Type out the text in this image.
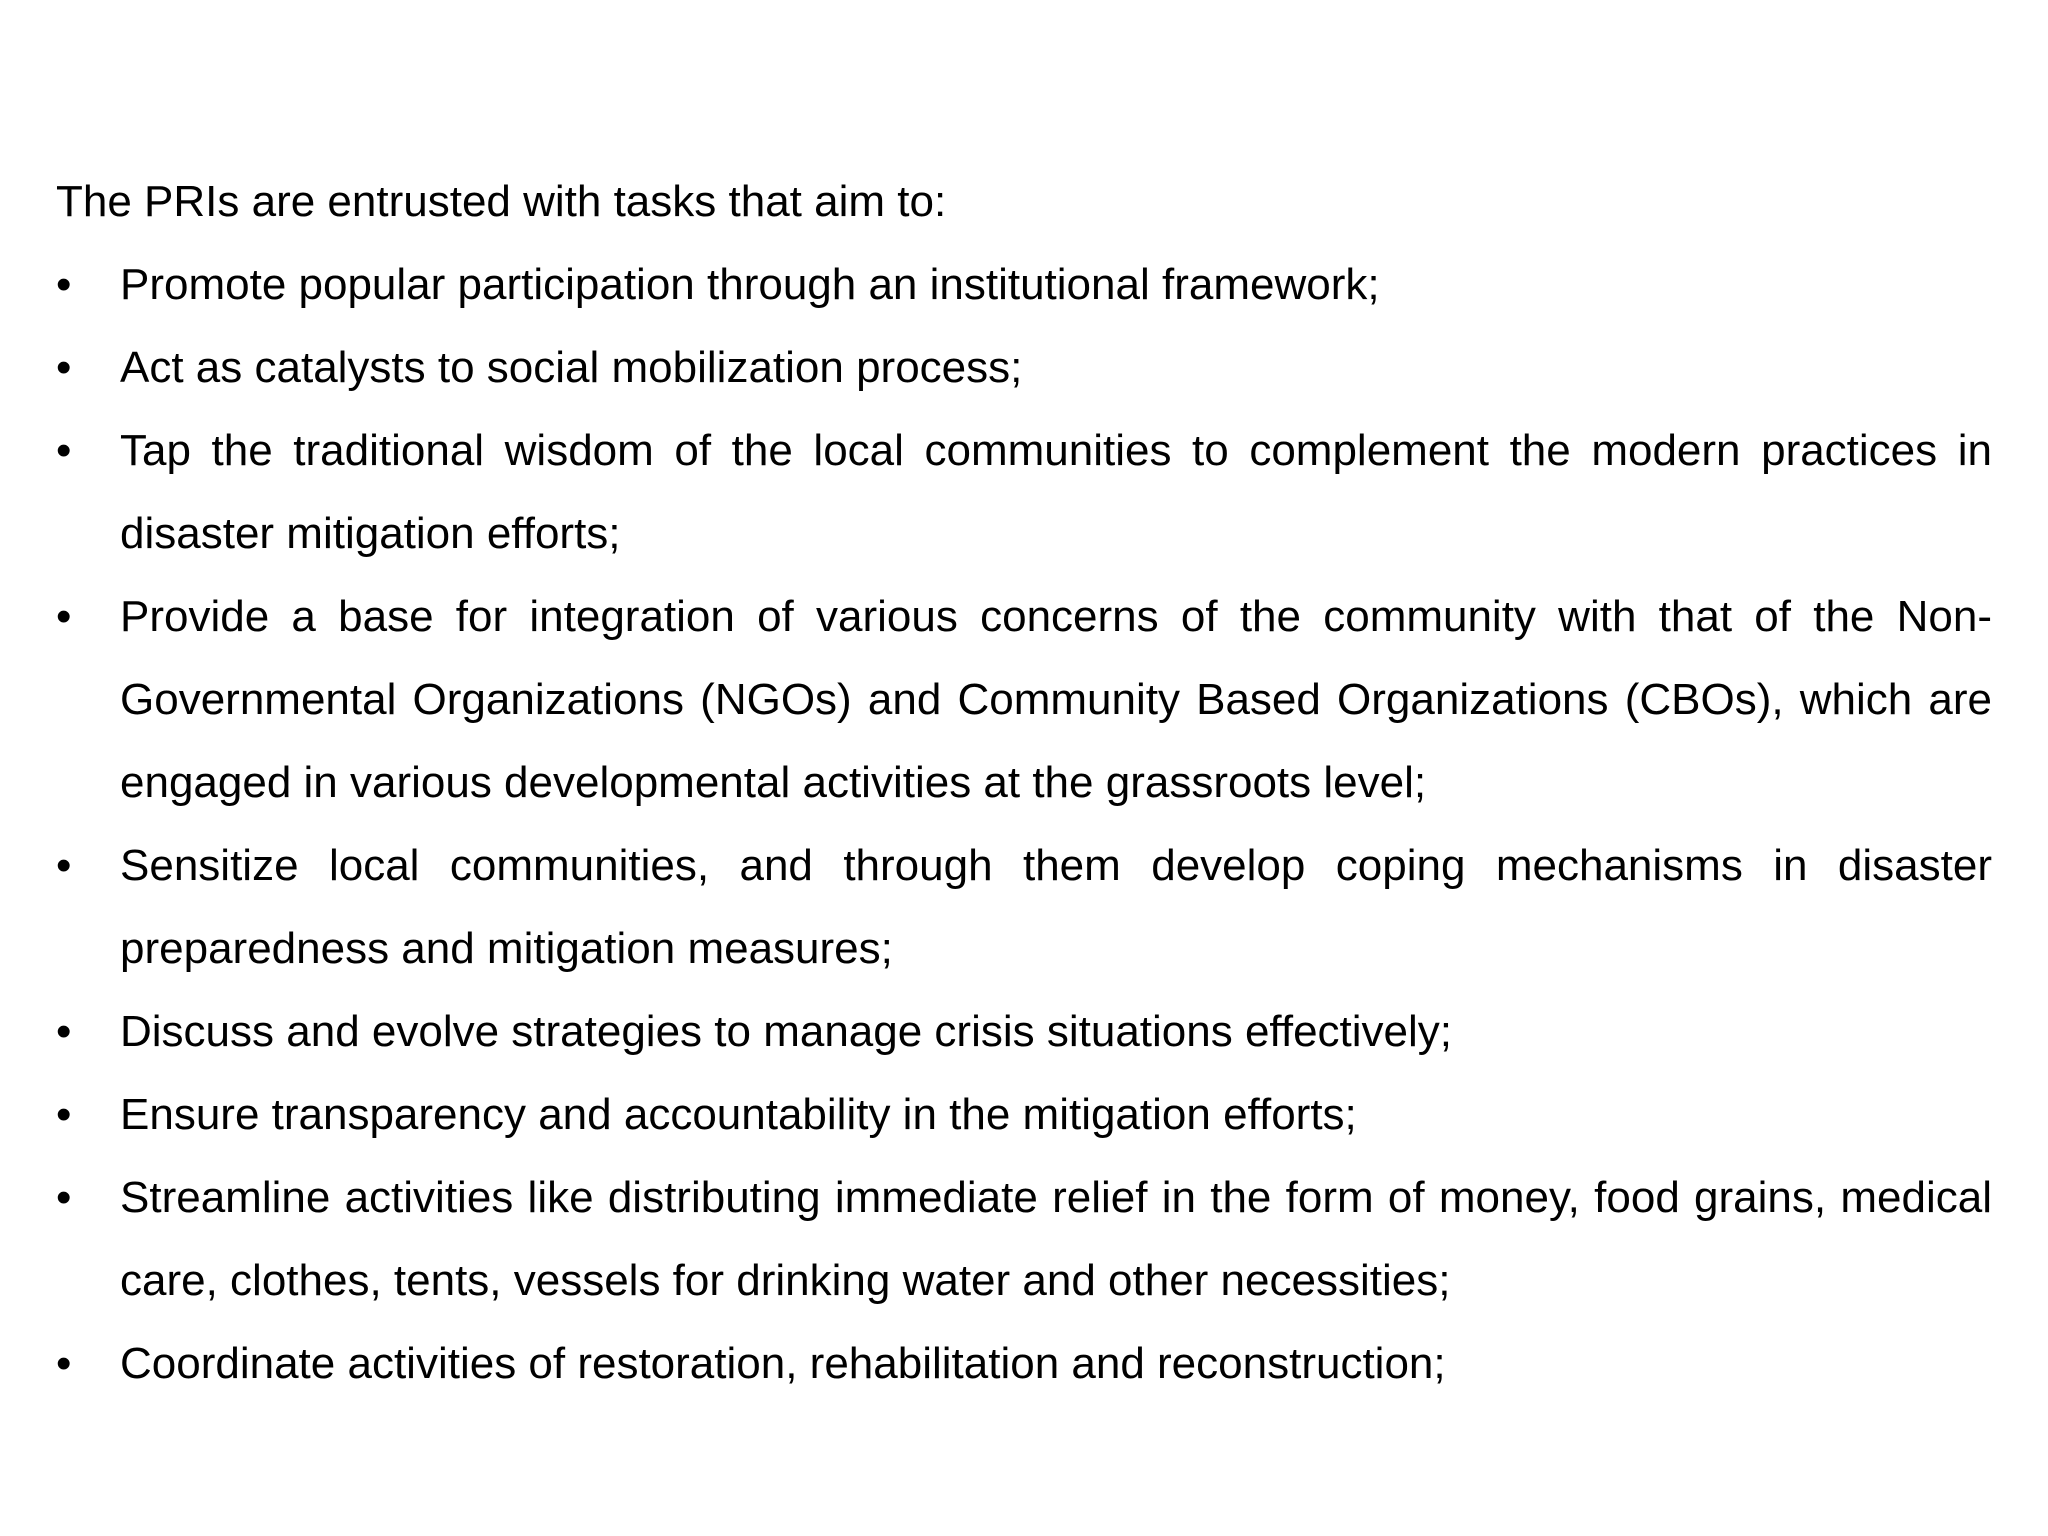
The PRIs are entrusted with tasks that aim to:

• Promote popular participation through an institutional framework;
• Act as catalysts to social mobilization process;
• Tap the traditional wisdom of the local communities to complement the modern practices in disaster mitigation efforts;
• Provide a base for integration of various concerns of the community with that of the Non-Governmental Organizations (NGOs) and Community Based Organizations (CBOs), which are engaged in various developmental activities at the grassroots level;
• Sensitize local communities, and through them develop coping mechanisms in disaster preparedness and mitigation measures;
• Discuss and evolve strategies to manage crisis situations effectively;
• Ensure transparency and accountability in the mitigation efforts;
• Streamline activities like distributing immediate relief in the form of money, food grains, medical care, clothes, tents, vessels for drinking water and other necessities;
• Coordinate activities of restoration, rehabilitation and reconstruction;
